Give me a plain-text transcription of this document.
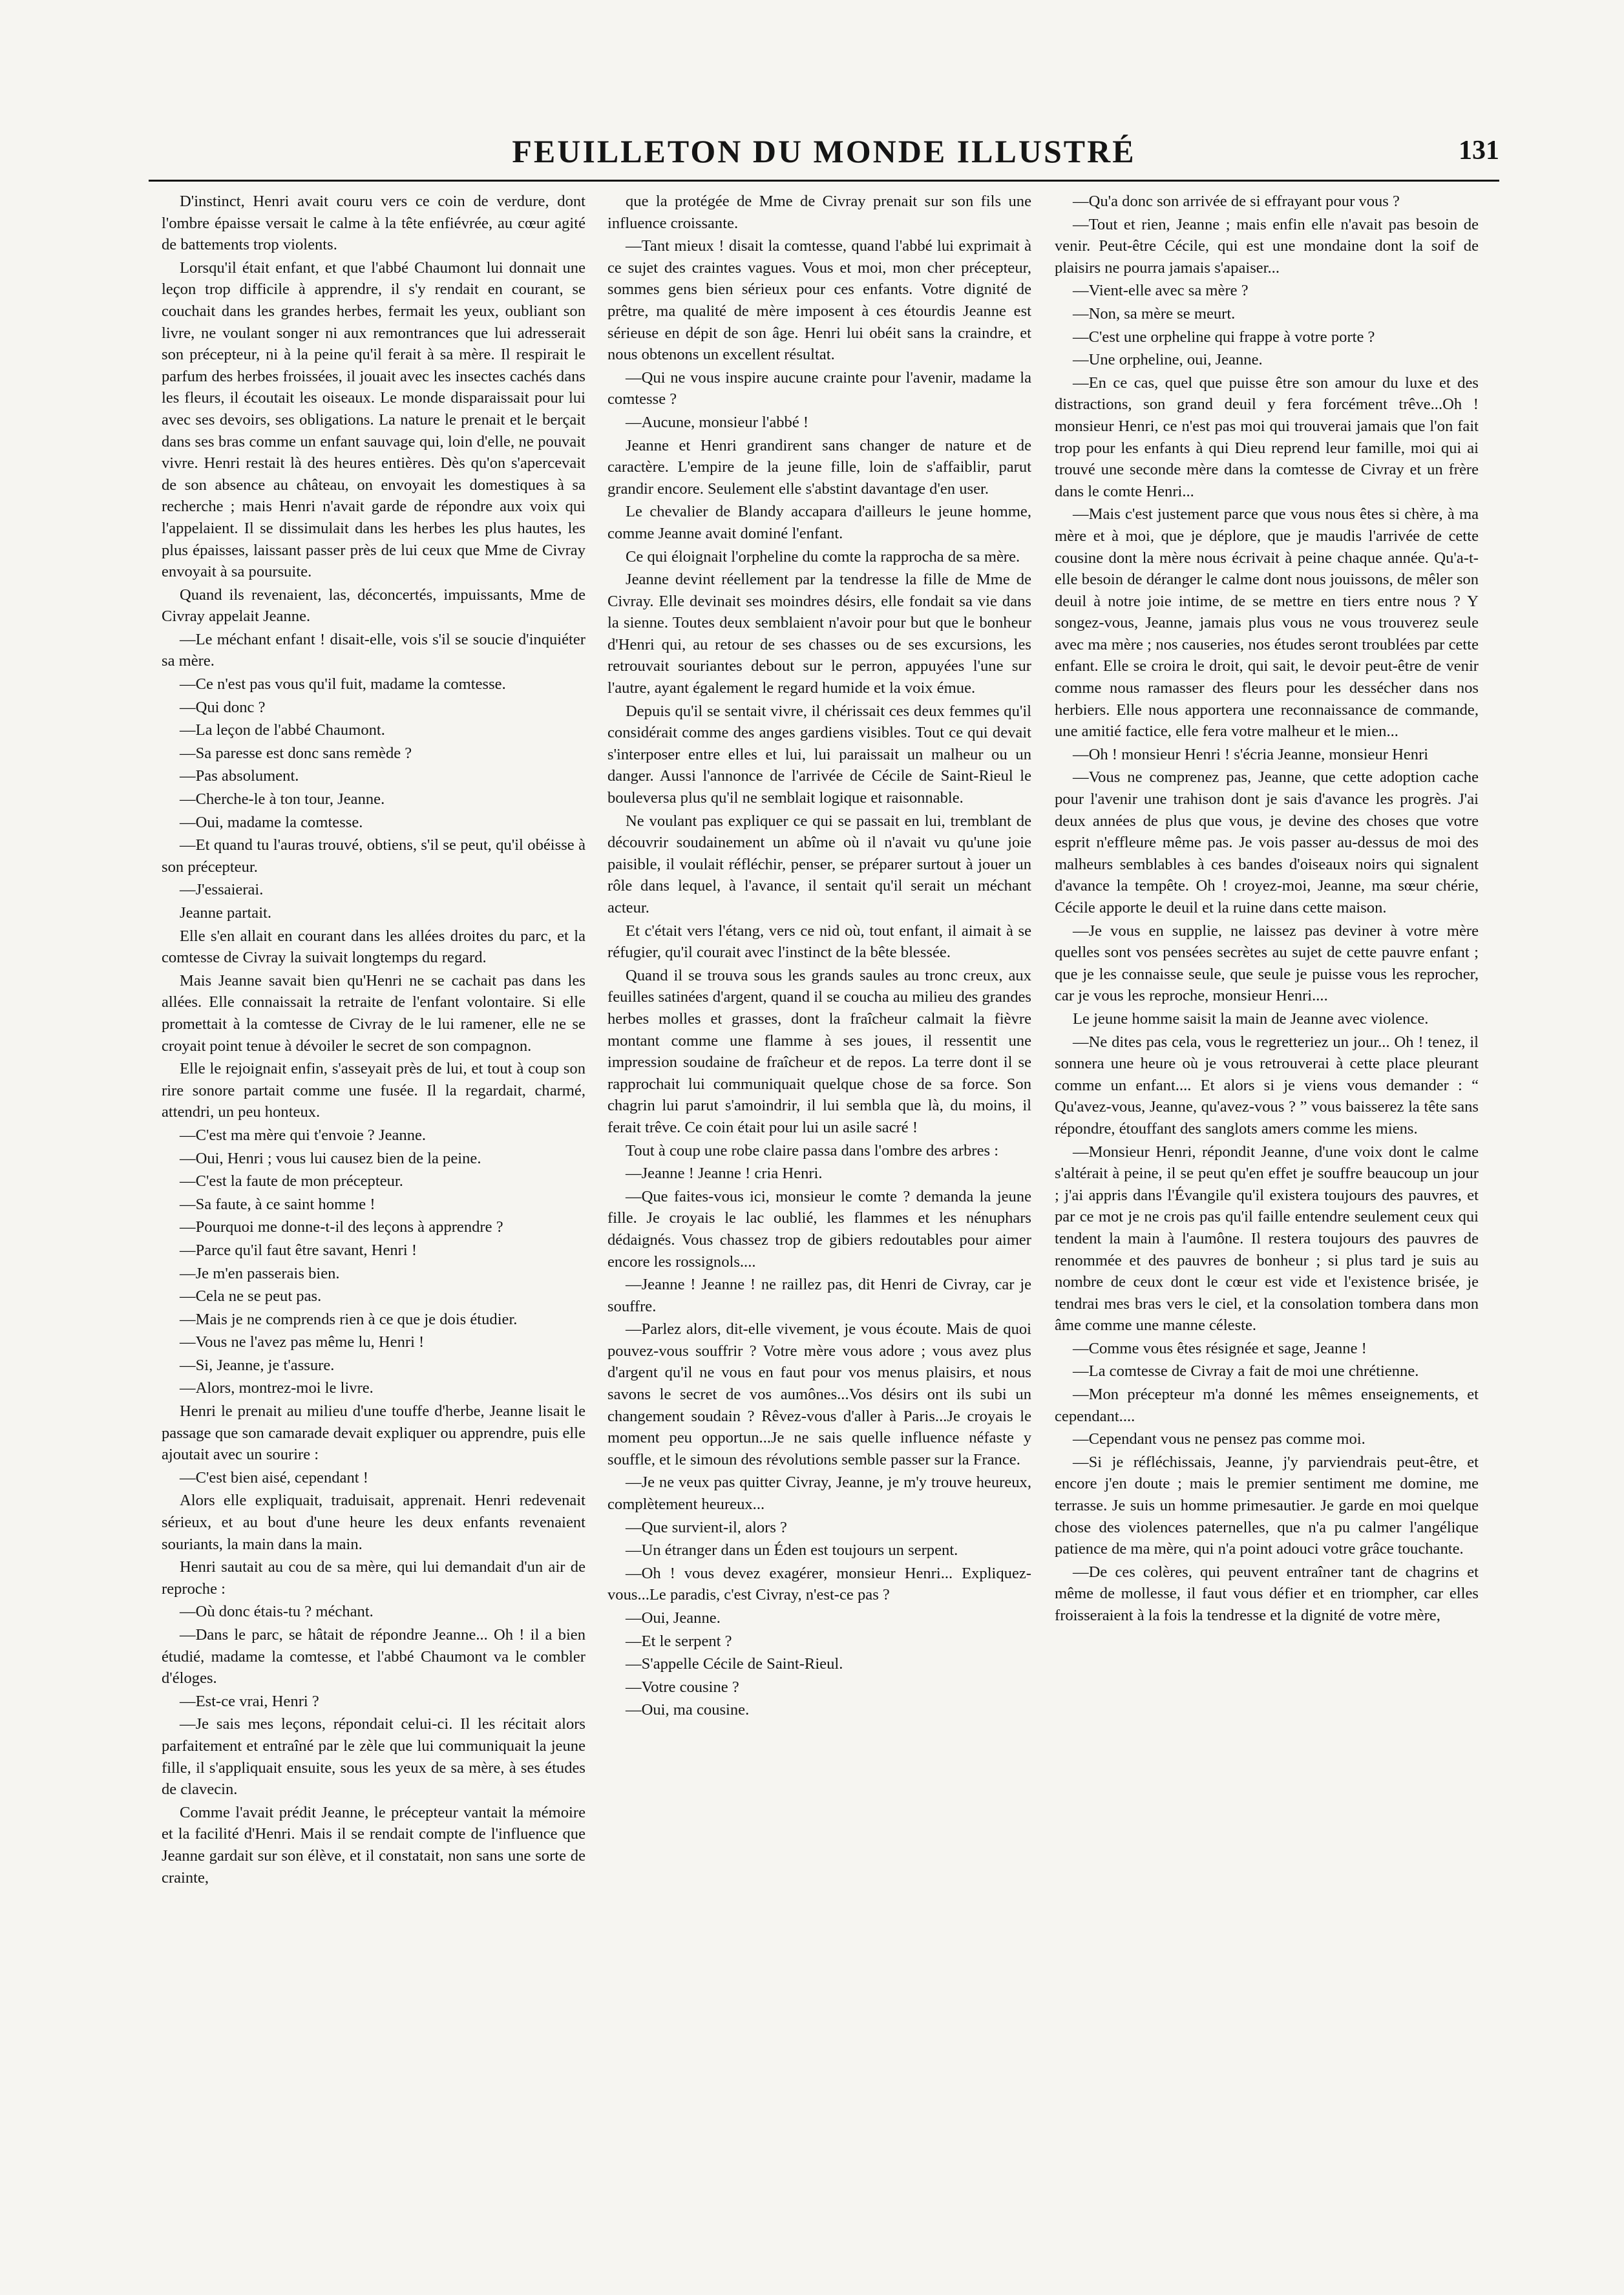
FEUILLETON DU MONDE ILLUSTRÉ	131

D'instinct, Henri avait couru vers ce coin de verdure, dont l'ombre épaisse versait le calme à la tête enfiévrée, au cœur agité de battements trop violents.

Lorsqu'il était enfant, et que l'abbé Chaumont lui donnait une leçon trop difficile à apprendre, il s'y rendait en courant, se couchait dans les grandes herbes, fermait les yeux, oubliant son livre, ne voulant songer ni aux remontrances que lui adresserait son précepteur, ni à la peine qu'il ferait à sa mère. Il respirait le parfum des herbes froissées, il jouait avec les insectes cachés dans les fleurs, il écoutait les oiseaux. Le monde disparaissait pour lui avec ses devoirs, ses obligations. La nature le prenait et le berçait dans ses bras comme un enfant sauvage qui, loin d'elle, ne pouvait vivre. Henri restait là des heures entières. Dès qu'on s'apercevait de son absence au château, on envoyait les domestiques à sa recherche ; mais Henri n'avait garde de répondre aux voix qui l'appelaient. Il se dissimulait dans les herbes les plus hautes, les plus épaisses, laissant passer près de lui ceux que Mme de Civray envoyait à sa poursuite.

Quand ils revenaient, las, déconcertés, impuissants, Mme de Civray appelait Jeanne.

—Le méchant enfant ! disait-elle, vois s'il se soucie d'inquiéter sa mère.

—Ce n'est pas vous qu'il fuit, madame la comtesse.

—Qui donc ?

—La leçon de l'abbé Chaumont.

—Sa paresse est donc sans remède ?

—Pas absolument.

—Cherche-le à ton tour, Jeanne.

—Oui, madame la comtesse.

—Et quand tu l'auras trouvé, obtiens, s'il se peut, qu'il obéisse à son précepteur.

—J'essaierai.

Jeanne partait.

Elle s'en allait en courant dans les allées droites du parc, et la comtesse de Civray la suivait longtemps du regard.

Mais Jeanne savait bien qu'Henri ne se cachait pas dans les allées. Elle connaissait la retraite de l'enfant volontaire. Si elle promettait à la comtesse de Civray de le lui ramener, elle ne se croyait point tenue à dévoiler le secret de son compagnon.

Elle le rejoignait enfin, s'asseyait près de lui, et tout à coup son rire sonore partait comme une fusée. Il la regardait, charmé, attendri, un peu honteux.

—C'est ma mère qui t'envoie ? Jeanne.

—Oui, Henri ; vous lui causez bien de la peine.

—C'est la faute de mon précepteur.

—Sa faute, à ce saint homme !

—Pourquoi me donne-t-il des leçons à apprendre ?

—Parce qu'il faut être savant, Henri !

—Je m'en passerais bien.

—Cela ne se peut pas.

—Mais je ne comprends rien à ce que je dois étudier.

—Vous ne l'avez pas même lu, Henri !

—Si, Jeanne, je t'assure.

—Alors, montrez-moi le livre.

Henri le prenait au milieu d'une touffe d'herbe, Jeanne lisait le passage que son camarade devait expliquer ou apprendre, puis elle ajoutait avec un sourire :

—C'est bien aisé, cependant !

Alors elle expliquait, traduisait, apprenait. Henri redevenait sérieux, et au bout d'une heure les deux enfants revenaient souriants, la main dans la main.

Henri sautait au cou de sa mère, qui lui demandait d'un air de reproche :

—Où donc étais-tu ? méchant.

—Dans le parc, se hâtait de répondre Jeanne... Oh ! il a bien étudié, madame la comtesse, et l'abbé Chaumont va le combler d'éloges.

—Est-ce vrai, Henri ?

—Je sais mes leçons, répondait celui-ci. Il les récitait alors parfaitement et entraîné par le zèle que lui communiquait la jeune fille, il s'appliquait ensuite, sous les yeux de sa mère, à ses études de clavecin.

Comme l'avait prédit Jeanne, le précepteur vantait la mémoire et la facilité d'Henri. Mais il se rendait compte de l'influence que Jeanne gardait sur son élève, et il constatait, non sans une sorte de crainte,

que la protégée de Mme de Civray prenait sur son fils une influence croissante.

—Tant mieux ! disait la comtesse, quand l'abbé lui exprimait à ce sujet des craintes vagues. Vous et moi, mon cher précepteur, sommes gens bien sérieux pour ces enfants. Votre dignité de prêtre, ma qualité de mère imposent à ces étourdis Jeanne est sérieuse en dépit de son âge. Henri lui obéit sans la craindre, et nous obtenons un excellent résultat.

—Qui ne vous inspire aucune crainte pour l'avenir, madame la comtesse ?

—Aucune, monsieur l'abbé !

Jeanne et Henri grandirent sans changer de nature et de caractère. L'empire de la jeune fille, loin de s'affaiblir, parut grandir encore. Seulement elle s'abstint davantage d'en user.

Le chevalier de Blandy accapara d'ailleurs le jeune homme, comme Jeanne avait dominé l'enfant.

Ce qui éloignait l'orpheline du comte la rapprocha de sa mère.

Jeanne devint réellement par la tendresse la fille de Mme de Civray. Elle devinait ses moindres désirs, elle fondait sa vie dans la sienne. Toutes deux semblaient n'avoir pour but que le bonheur d'Henri qui, au retour de ses chasses ou de ses excursions, les retrouvait souriantes debout sur le perron, appuyées l'une sur l'autre, ayant également le regard humide et la voix émue.

Depuis qu'il se sentait vivre, il chérissait ces deux femmes qu'il considérait comme des anges gardiens visibles. Tout ce qui devait s'interposer entre elles et lui, lui paraissait un malheur ou un danger. Aussi l'annonce de l'arrivée de Cécile de Saint-Rieul le bouleversa plus qu'il ne semblait logique et raisonnable.

Ne voulant pas expliquer ce qui se passait en lui, tremblant de découvrir soudainement un abîme où il n'avait vu qu'une joie paisible, il voulait réfléchir, penser, se préparer surtout à jouer un rôle dans lequel, à l'avance, il sentait qu'il serait un méchant acteur.

Et c'était vers l'étang, vers ce nid où, tout enfant, il aimait à se réfugier, qu'il courait avec l'instinct de la bête blessée.

Quand il se trouva sous les grands saules au tronc creux, aux feuilles satinées d'argent, quand il se coucha au milieu des grandes herbes molles et grasses, dont la fraîcheur calmait la fièvre montant comme une flamme à ses joues, il ressentit une impression soudaine de fraîcheur et de repos. La terre dont il se rapprochait lui communiquait quelque chose de sa force. Son chagrin lui parut s'amoindrir, il lui sembla que là, du moins, il ferait trêve. Ce coin était pour lui un asile sacré !

Tout à coup une robe claire passa dans l'ombre des arbres :

—Jeanne ! Jeanne ! cria Henri.

—Que faites-vous ici, monsieur le comte ? demanda la jeune fille. Je croyais le lac oublié, les flammes et les nénuphars dédaignés. Vous chassez trop de gibiers redoutables pour aimer encore les rossignols....

—Jeanne ! Jeanne ! ne raillez pas, dit Henri de Civray, car je souffre.

—Parlez alors, dit-elle vivement, je vous écoute. Mais de quoi pouvez-vous souffrir ? Votre mère vous adore ; vous avez plus d'argent qu'il ne vous en faut pour vos menus plaisirs, et nous savons le secret de vos aumônes...Vos désirs ont ils subi un changement soudain ? Rêvez-vous d'aller à Paris...Je croyais le moment peu opportun...Je ne sais quelle influence néfaste y souffle, et le simoun des révolutions semble passer sur la France.

—Je ne veux pas quitter Civray, Jeanne, je m'y trouve heureux, complètement heureux...

—Que survient-il, alors ?

—Un étranger dans un Éden est toujours un serpent.

—Oh ! vous devez exagérer, monsieur Henri... Expliquez-vous...Le paradis, c'est Civray, n'est-ce pas ?

—Oui, Jeanne.

—Et le serpent ?

—S'appelle Cécile de Saint-Rieul.

—Votre cousine ?

—Oui, ma cousine.

—Qu'a donc son arrivée de si effrayant pour vous ?

—Tout et rien, Jeanne ; mais enfin elle n'avait pas besoin de venir. Peut-être Cécile, qui est une mondaine dont la soif de plaisirs ne pourra jamais s'apaiser...

—Vient-elle avec sa mère ?

—Non, sa mère se meurt.

—C'est une orpheline qui frappe à votre porte ?

—Une orpheline, oui, Jeanne.

—En ce cas, quel que puisse être son amour du luxe et des distractions, son grand deuil y fera forcément trêve...Oh ! monsieur Henri, ce n'est pas moi qui trouverai jamais que l'on fait trop pour les enfants à qui Dieu reprend leur famille, moi qui ai trouvé une seconde mère dans la comtesse de Civray et un frère dans le comte Henri...

—Mais c'est justement parce que vous nous êtes si chère, à ma mère et à moi, que je déplore, que je maudis l'arrivée de cette cousine dont la mère nous écrivait à peine chaque année. Qu'a-t-elle besoin de déranger le calme dont nous jouissons, de mêler son deuil à notre joie intime, de se mettre en tiers entre nous ? Y songez-vous, Jeanne, jamais plus vous ne vous trouverez seule avec ma mère ; nos causeries, nos études seront troublées par cette enfant. Elle se croira le droit, qui sait, le devoir peut-être de venir comme nous ramasser des fleurs pour les dessécher dans nos herbiers. Elle nous apportera une reconnaissance de commande, une amitié factice, elle fera votre malheur et le mien...

—Oh ! monsieur Henri ! s'écria Jeanne, monsieur Henri

—Vous ne comprenez pas, Jeanne, que cette adoption cache pour l'avenir une trahison dont je sais d'avance les progrès. J'ai deux années de plus que vous, je devine des choses que votre esprit n'effleure même pas. Je vois passer au-dessus de moi des malheurs semblables à ces bandes d'oiseaux noirs qui signalent d'avance la tempête. Oh ! croyez-moi, Jeanne, ma sœur chérie, Cécile apporte le deuil et la ruine dans cette maison.

—Je vous en supplie, ne laissez pas deviner à votre mère quelles sont vos pensées secrètes au sujet de cette pauvre enfant ; que je les connaisse seule, que seule je puisse vous les reprocher, car je vous les reproche, monsieur Henri....

Le jeune homme saisit la main de Jeanne avec violence.

—Ne dites pas cela, vous le regretteriez un jour... Oh ! tenez, il sonnera une heure où je vous retrouverai à cette place pleurant comme un enfant.... Et alors si je viens vous demander : “ Qu'avez-vous, Jeanne, qu'avez-vous ? ” vous baisserez la tête sans répondre, étouffant des sanglots amers comme les miens.

—Monsieur Henri, répondit Jeanne, d'une voix dont le calme s'altérait à peine, il se peut qu'en effet je souffre beaucoup un jour ; j'ai appris dans l'Évangile qu'il existera toujours des pauvres, et par ce mot je ne crois pas qu'il faille entendre seulement ceux qui tendent la main à l'aumône. Il restera toujours des pauvres de renommée et des pauvres de bonheur ; si plus tard je suis au nombre de ceux dont le cœur est vide et l'existence brisée, je tendrai mes bras vers le ciel, et la consolation tombera dans mon âme comme une manne céleste.

—Comme vous êtes résignée et sage, Jeanne !

—La comtesse de Civray a fait de moi une chrétienne.

—Mon précepteur m'a donné les mêmes enseignements, et cependant....

—Cependant vous ne pensez pas comme moi.

—Si je réfléchissais, Jeanne, j'y parviendrais peut-être, et encore j'en doute ; mais le premier sentiment me domine, me terrasse. Je suis un homme primesautier. Je garde en moi quelque chose des violences paternelles, que n'a pu calmer l'angélique patience de ma mère, qui n'a point adouci votre grâce touchante.

—De ces colères, qui peuvent entraîner tant de chagrins et même de mollesse, il faut vous défier et en triompher, car elles froisseraient à la fois la tendresse et la dignité de votre mère,
